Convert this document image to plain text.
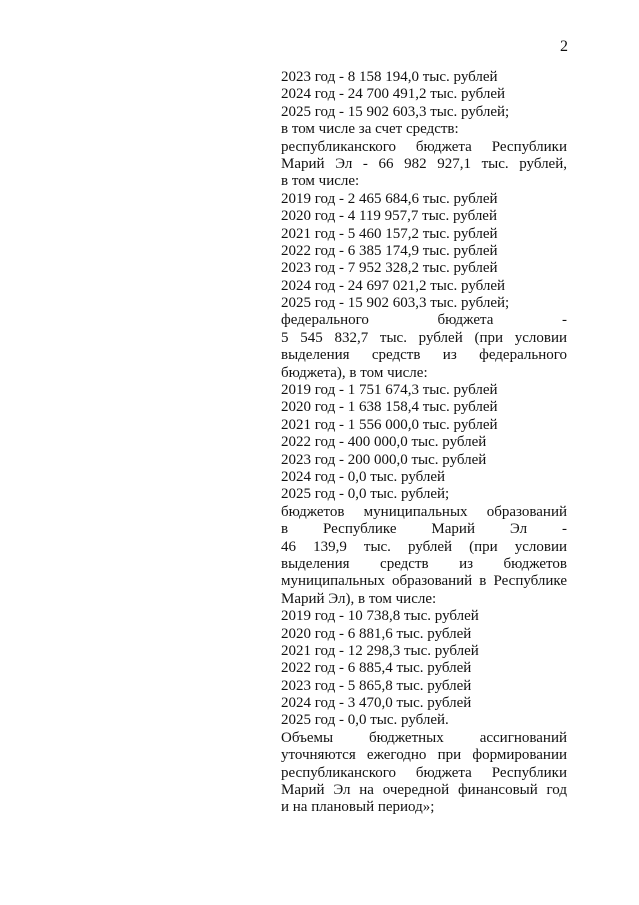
2
2023 год - 8 158 194,0 тыс. рублей
2024 год - 24 700 491,2 тыс. рублей
2025 год - 15 902 603,3 тыс. рублей;
в том числе за счет средств:
республиканского бюджета Республики
Марий Эл - 66 982 927,1 тыс. рублей,
в том числе:
2019 год - 2 465 684,6 тыс. рублей
2020 год - 4 119 957,7 тыс. рублей
2021 год - 5 460 157,2 тыс. рублей
2022 год - 6 385 174,9 тыс. рублей
2023 год - 7 952 328,2 тыс. рублей
2024 год - 24 697 021,2 тыс. рублей
2025 год - 15 902 603,3 тыс. рублей;
федерального бюджета -
5 545 832,7 тыс. рублей (при условии
выделения средств из федерального
бюджета), в том числе:
2019 год - 1 751 674,3 тыс. рублей
2020 год - 1 638 158,4 тыс. рублей
2021 год - 1 556 000,0 тыс. рублей
2022 год - 400 000,0 тыс. рублей
2023 год - 200 000,0 тыс. рублей
2024 год - 0,0 тыс. рублей
2025 год - 0,0 тыс. рублей;
бюджетов муниципальных образований
в Республике Марий Эл -
46 139,9 тыс. рублей (при условии
выделения средств из бюджетов
муниципальных образований в Республике
Марий Эл), в том числе:
2019 год - 10 738,8 тыс. рублей
2020 год - 6 881,6 тыс. рублей
2021 год - 12 298,3 тыс. рублей
2022 год - 6 885,4 тыс. рублей
2023 год - 5 865,8 тыс. рублей
2024 год - 3 470,0 тыс. рублей
2025 год - 0,0 тыс. рублей.
Объемы бюджетных ассигнований
уточняются ежегодно при формировании
республиканского бюджета Республики
Марий Эл на очередной финансовый год
и на плановый период»;
